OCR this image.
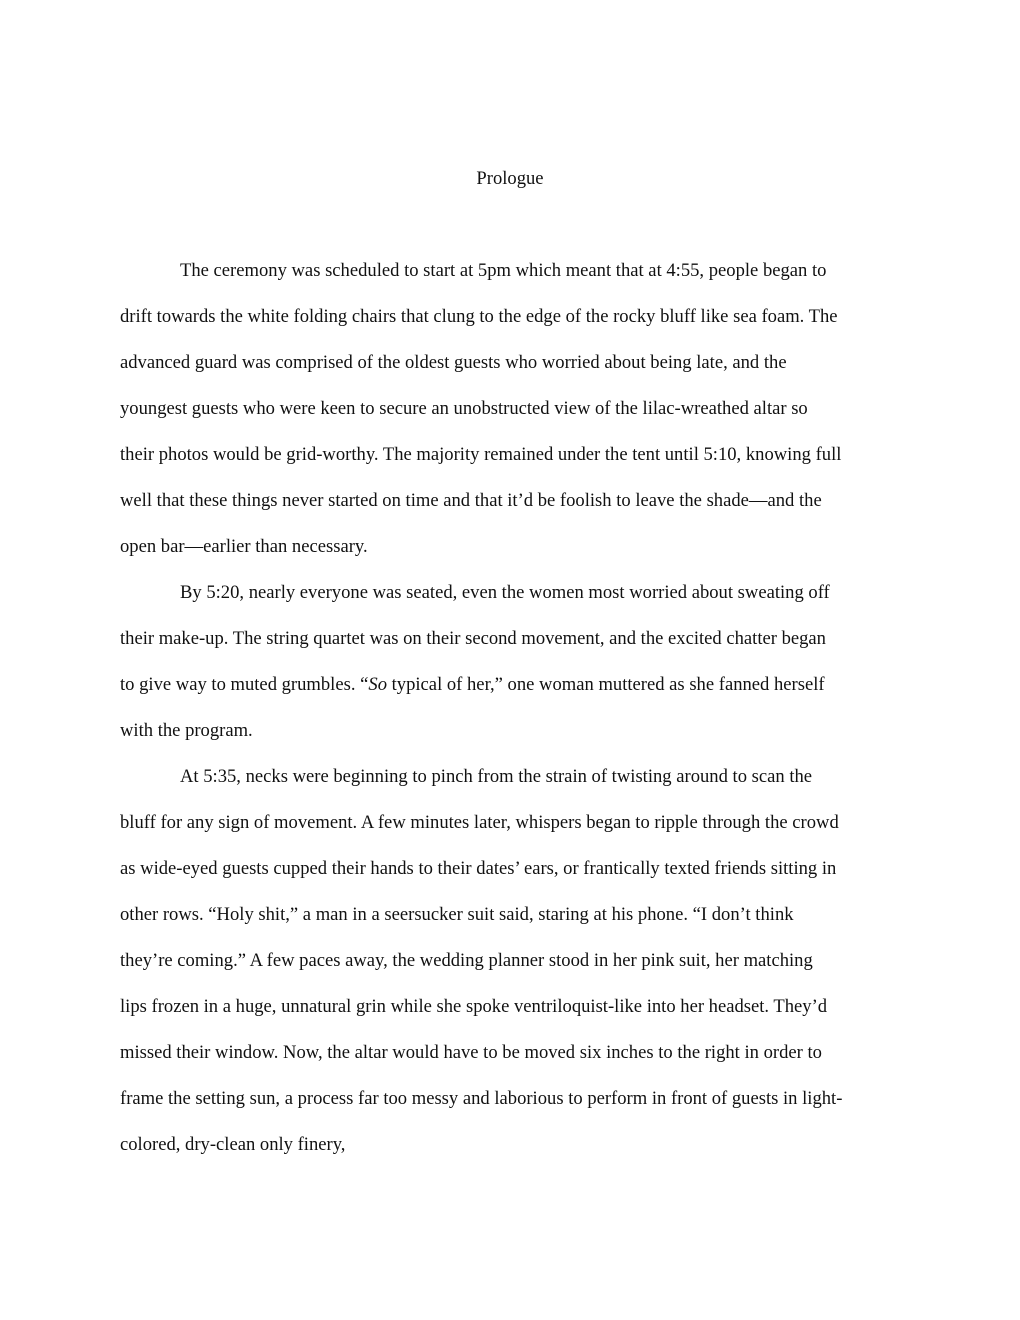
Prologue
The ceremony was scheduled to start at 5pm which meant that at 4:55, people began to
drift towards the white folding chairs that clung to the edge of the rocky bluff like sea foam. The
advanced guard was comprised of the oldest guests who worried about being late, and the
youngest guests who were keen to secure an unobstructed view of the lilac-wreathed altar so
their photos would be grid-worthy. The majority remained under the tent until 5:10, knowing full
well that these things never started on time and that it’d be foolish to leave the shade—and the
open bar—earlier than necessary.
By 5:20, nearly everyone was seated, even the women most worried about sweating off
their make-up. The string quartet was on their second movement, and the excited chatter began
to give way to muted grumbles. “So typical of her,” one woman muttered as she fanned herself
with the program.
At 5:35, necks were beginning to pinch from the strain of twisting around to scan the
bluff for any sign of movement. A few minutes later, whispers began to ripple through the crowd
as wide-eyed guests cupped their hands to their dates’ ears, or frantically texted friends sitting in
other rows. “Holy shit,” a man in a seersucker suit said, staring at his phone. “I don’t think
they’re coming.” A few paces away, the wedding planner stood in her pink suit, her matching
lips frozen in a huge, unnatural grin while she spoke ventriloquist-like into her headset. They’d
missed their window. Now, the altar would have to be moved six inches to the right in order to
frame the setting sun, a process far too messy and laborious to perform in front of guests in light-
colored, dry-clean only finery,
